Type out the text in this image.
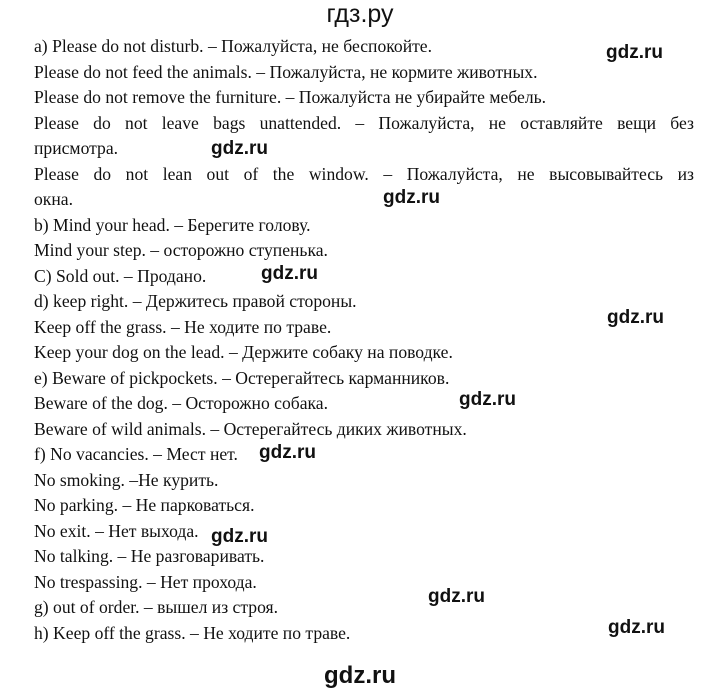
гдз.ру
a) Please do not disturb. – Пожалуйста, не беспокойте.
Please do not feed the animals. – Пожалуйста, не кормите животных.
Please do not remove the furniture. – Пожалуйста не убирайте мебель.
Please do not leave bags unattended. – Пожалуйста, не оставляйте вещи без
присмотра.
Please do not lean out of the window. – Пожалуйста, не высовывайтесь из
окна.
b) Mind your head. – Берегите голову.
Mind your step. – осторожно ступенька.
C) Sold out. – Продано.
d) keep right. – Держитесь правой стороны.
Keep off the grass. – Не ходите по траве.
Keep your dog on the lead. – Держите собаку на поводке.
e) Beware of pickpockets. – Остерегайтесь карманников.
Beware of the dog. – Осторожно собака.
Beware of wild animals. – Остерегайтесь диких животных.
f) No vacancies. – Мест нет.
No smoking. –Не курить.
No parking. – Не парковаться.
No exit. – Нет выхода.
No talking. – Не разговаривать.
No trespassing. – Нет прохода.
g) out of order. – вышел из строя.
h) Keep off the grass. – Не ходите по траве.
gdz.ru
gdz.ru
gdz.ru
gdz.ru
gdz.ru
gdz.ru
gdz.ru
gdz.ru
gdz.ru
gdz.ru
gdz.ru
